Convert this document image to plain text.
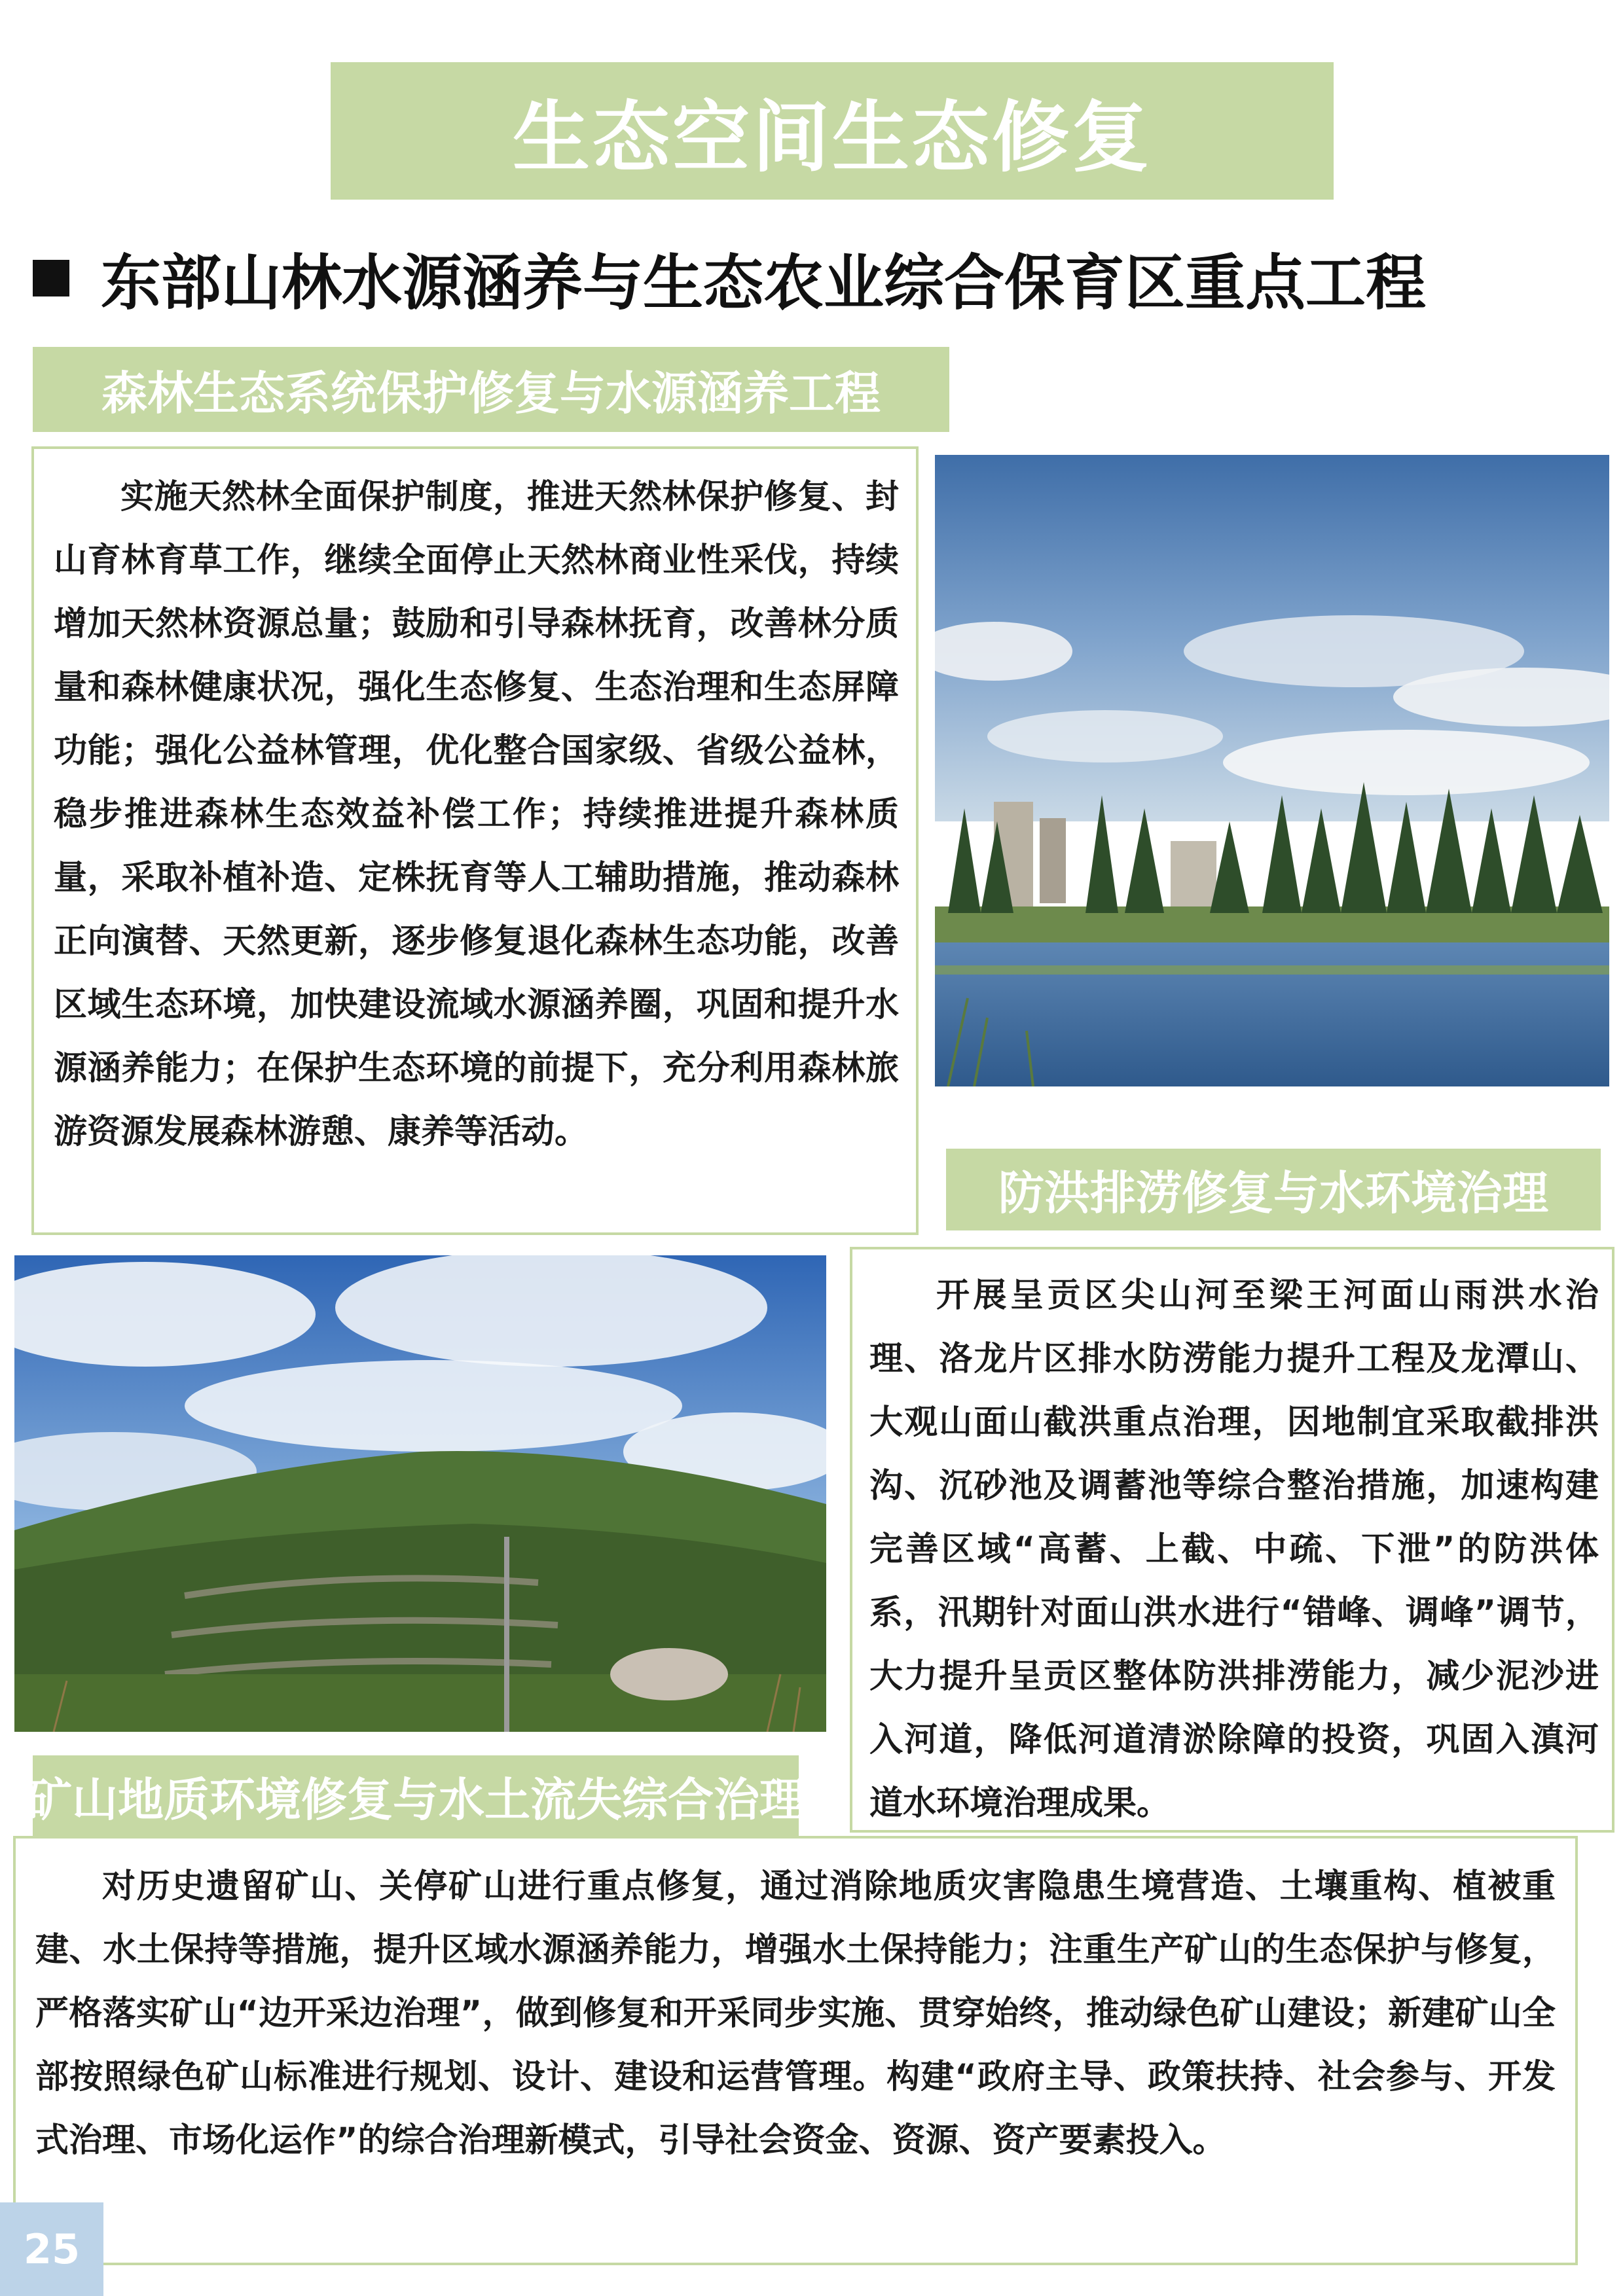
生态空间生态修复
东部山林水源涵养与生态农业综合保育区重点工程
森林生态系统保护修复与水源涵养工程

实施天然林全面保护制度，推进天然林保护修复、封山育林育草工作，继续全面停止天然林商业性采伐，持续增加天然林资源总量；鼓励和引导森林抚育，改善林分质量和森林健康状况，强化生态修复、生态治理和生态屏障功能；强化公益林管理，优化整合国家级、省级公益林，稳步推进森林生态效益补偿工作；持续推进提升森林质量，采取补植补造、定株抚育等人工辅助措施，推动森林正向演替、天然更新，逐步修复退化森林生态功能，改善区域生态环境，加快建设流域水源涵养圈，巩固和提升水源涵养能力；在保护生态环境的前提下，充分利用森林旅游资源发展森林游憩、康养等活动。

防洪排涝修复与水环境治理

开展呈贡区尖山河至梁王河面山雨洪水治理、洛龙片区排水防涝能力提升工程及龙潭山、大观山面山截洪重点治理，因地制宜采取截排洪沟、沉砂池及调蓄池等综合整治措施，加速构建完善区域“高蓄、上截、中疏、下泄”的防洪体系，汛期针对面山洪水进行“错峰、调峰”调节，大力提升呈贡区整体防洪排涝能力，减少泥沙进入河道，降低河道清淤除障的投资，巩固入滇河道水环境治理成果。

矿山地质环境修复与水土流失综合治理

对历史遗留矿山、关停矿山进行重点修复，通过消除地质灾害隐患生境营造、土壤重构、植被重建、水土保持等措施，提升区域水源涵养能力，增强水土保持能力；注重生产矿山的生态保护与修复，严格落实矿山“边开采边治理”，做到修复和开采同步实施、贯穿始终，推动绿色矿山建设；新建矿山全部按照绿色矿山标准进行规划、设计、建设和运营管理。构建“政府主导、政策扶持、社会参与、开发式治理、市场化运作”的综合治理新模式，引导社会资金、资源、资产要素投入。

25
